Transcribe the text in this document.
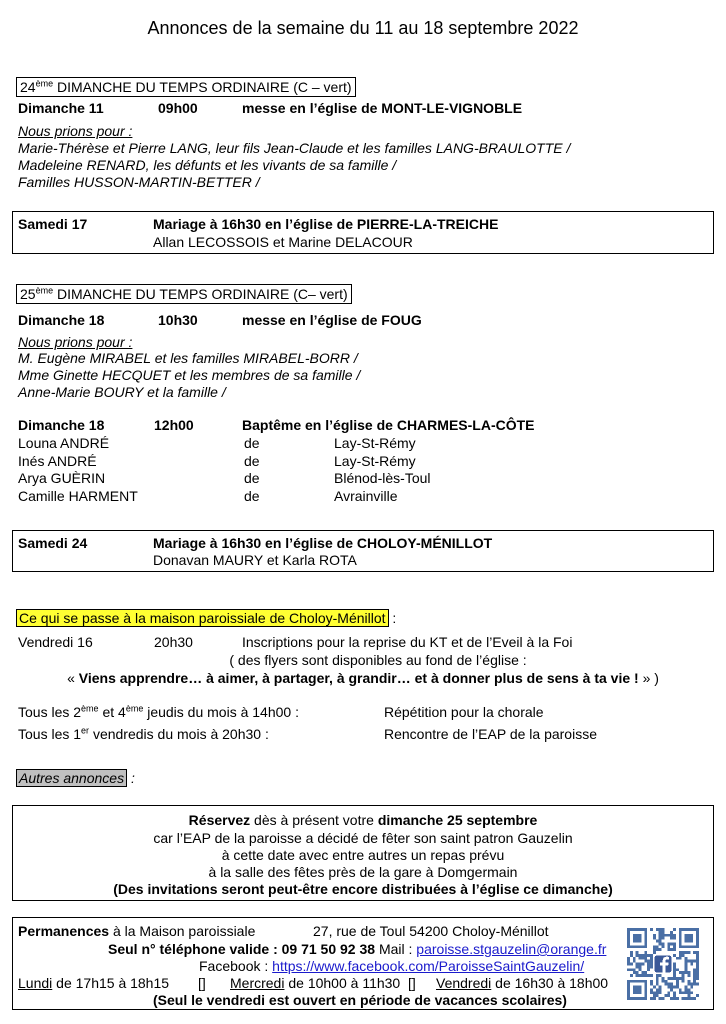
Annonces de la semaine du 11 au 18 septembre 2022
24ème DIMANCHE DU TEMPS ORDINAIRE (C – vert)
Dimanche 11	09h00	messe en l’église de MONT-LE-VIGNOBLE
Nous prions pour :
Marie-Thérèse et Pierre LANG, leur fils Jean-Claude et les familles LANG-BRAULOTTE /
Madeleine RENARD, les défunts et les vivants de sa famille /
Familles HUSSON-MARTIN-BETTER /
Samedi 17	Mariage à 16h30 en l’église de PIERRE-LA-TREICHE
Allan LECOSSOIS et Marine DELACOUR
25ème DIMANCHE DU TEMPS ORDINAIRE (C– vert)
Dimanche 18	10h30	messe en l’église de FOUG
Nous prions pour :
M. Eugène MIRABEL et les familles MIRABEL-BORR /
Mme Ginette HECQUET et les membres de sa famille /
Anne-Marie BOURY et la famille /
Dimanche 18	12h00	Baptême en l’église de CHARMES-LA-CÔTE
Louna ANDRÉ	de	Lay-St-Rémy
Inés ANDRÉ	de	Lay-St-Rémy
Arya GUÈRIN	de	Blénod-lès-Toul
Camille HARMENT	de	Avrainville
Samedi 24	Mariage à 16h30 en l’église de CHOLOY-MÉNILLOT
Donavan MAURY et Karla ROTA
Ce qui se passe à la maison paroissiale de Choloy-Ménillot :
Vendredi 16	20h30	Inscriptions pour la reprise du KT et de l’Eveil à la Foi
( des flyers sont disponibles au fond de l’église :
« Viens apprendre… à aimer, à partager, à grandir… et à donner plus de sens à ta vie ! » )
Tous les 2ème et 4ème jeudis du mois à 14h00 :	Répétition pour la chorale
Tous les 1er vendredis du mois à 20h30 :	Rencontre de l’EAP de la paroisse
Autres annonces :
Réservez dès à présent votre dimanche 25 septembre
car l’EAP de la paroisse a décidé de fêter son saint patron Gauzelin
à cette date avec entre autres un repas prévu
à la salle des fêtes près de la gare à Domgermain
(Des invitations seront peut-être encore distribuées à l’église ce dimanche)
Permanences à la Maison paroissiale	27, rue de Toul 54200 Choloy-Ménillot
Seul n° téléphone valide : 09 71 50 92 38 Mail : paroisse.stgauzelin@orange.fr
Facebook : https://www.facebook.com/ParoisseSaintGauzelin/
Lundi de 17h15 à 18h15 [] Mercredi de 10h00 à 11h30 [] Vendredi de 16h30 à 18h00
(Seul le vendredi est ouvert en période de vacances scolaires)
